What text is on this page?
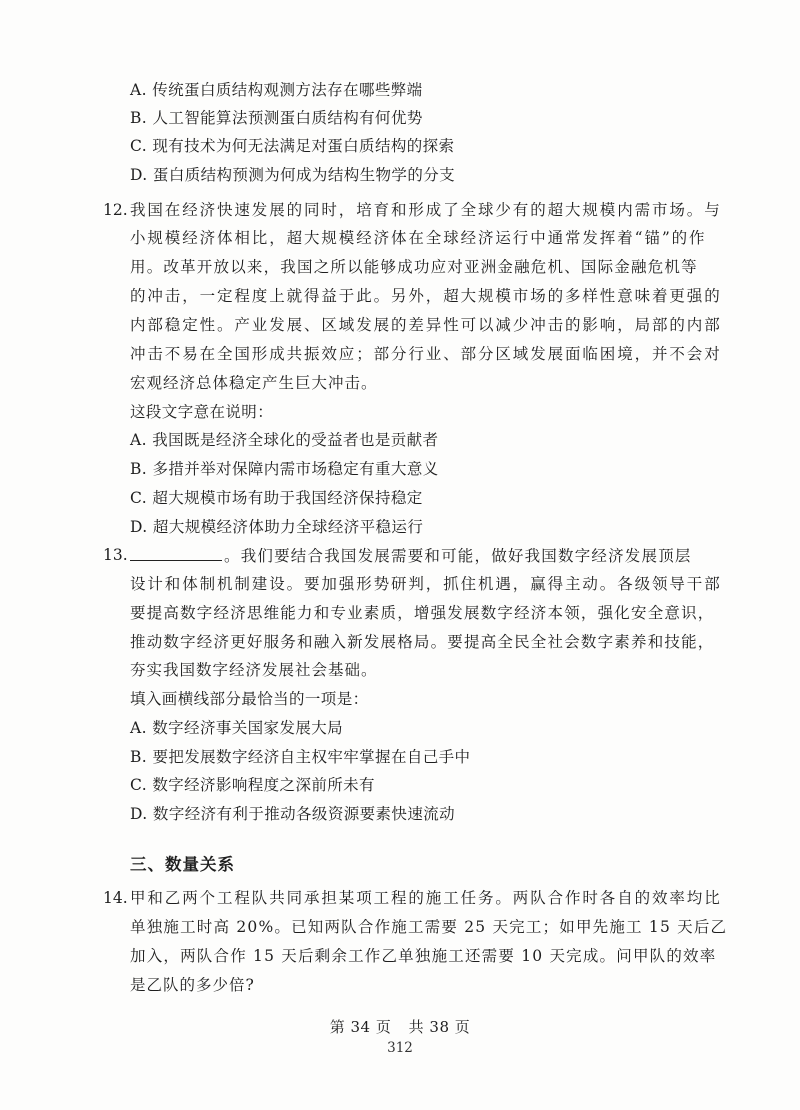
A. 传统蛋白质结构观测方法存在哪些弊端
B. 人工智能算法预测蛋白质结构有何优势
C. 现有技术为何无法满足对蛋白质结构的探索
D. 蛋白质结构预测为何成为结构生物学的分支
12. 我国在经济快速发展的同时，培育和形成了全球少有的超大规模内需市场。与
小规模经济体相比，超大规模经济体在全球经济运行中通常发挥着“锚”的作
用。改革开放以来，我国之所以能够成功应对亚洲金融危机、国际金融危机等
的冲击，一定程度上就得益于此。另外，超大规模市场的多样性意味着更强的
内部稳定性。产业发展、区域发展的差异性可以减少冲击的影响，局部的内部
冲击不易在全国形成共振效应；部分行业、部分区域发展面临困境，并不会对
宏观经济总体稳定产生巨大冲击。
这段文字意在说明：
A. 我国既是经济全球化的受益者也是贡献者
B. 多措并举对保障内需市场稳定有重大意义
C. 超大规模市场有助于我国经济保持稳定
D. 超大规模经济体助力全球经济平稳运行
13.	。我们要结合我国发展需要和可能，做好我国数字经济发展顶层
设计和体制机制建设。要加强形势研判，抓住机遇，赢得主动。各级领导干部
要提高数字经济思维能力和专业素质，增强发展数字经济本领，强化安全意识，
推动数字经济更好服务和融入新发展格局。要提高全民全社会数字素养和技能，
夯实我国数字经济发展社会基础。
填入画横线部分最恰当的一项是：
A. 数字经济事关国家发展大局
B. 要把发展数字经济自主权牢牢掌握在自己手中
C. 数字经济影响程度之深前所未有
D. 数字经济有利于推动各级资源要素快速流动
三、数量关系
14. 甲和乙两个工程队共同承担某项工程的施工任务。两队合作时各自的效率均比
单独施工时高 20%。已知两队合作施工需要 25 天完工；如甲先施工 15 天后乙
加入，两队合作 15 天后剩余工作乙单独施工还需要 10 天完成。问甲队的效率
是乙队的多少倍?
第 34 页 共 38 页
312
